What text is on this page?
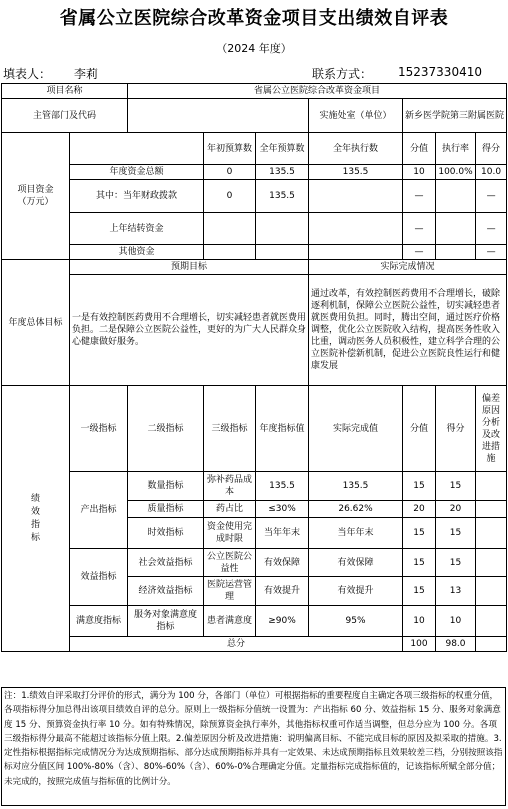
省属公立医院综合改革资金项目支出绩效自评表
（2024 年度）
填表人： 李莉	联系方式： 15237330410
项目名称		省属公立医院综合改革资金项目						
主管部门及代码					实施处室（单位）	新乡医学院第三附属医院		
项目资金
（万元）			年初预算数	全年预算数	全年执行数	分值	执行率	得分
	年度资金总额		0	135.5	135.5	10	100.0%	10.0
	其中：当年财政拨款		0	135.5		—		—
	上年结转资金					—		—
	其他资金					—		—
年度总体目标	预期目标				实际完成情况			
	一是有效控制医药费用不合理增长，切实减轻患者就医费用负担。二是保障公立医院公益性，更好的为广大人民群众身心健康做好服务。				通过改革，有效控制医药费用不合理增长，破除逐利机制，保障公立医院公益性，切实减轻患者就医费用负担。同时，腾出空间，通过医疗价格调整，优化公立医院收入结构，提高医务性收入比重，调动医务人员积极性，建立科学合理的公立医院补偿新机制，促进公立医院良性运行和健康发展			
绩效指标	一级指标	二级指标	三级指标	年度指标值	实际完成值	分值	得分	偏差原因分析及改进措施
	产出指标	数量指标	弥补药品成本	135.5	135.5	15	15	
		质量指标	药占比	≤30%	26.62%	20	20	
		时效指标	资金使用完成时限	当年年末	当年年末	15	15	
	效益指标	社会效益指标	公立医院公益性	有效保障	有效保障	15	15	
		经济效益指标	医院运营管理	有效提升	有效提升	15	13	
	满意度指标	服务对象满意度指标	患者满意度	≥90%	95%	10	10	
	总分					100	98.0	
注：1.绩效自评采取打分评价的形式，满分为 100 分，各部门（单位）可根据指标的重要程度自主确定各项三级指标的权重分值，各项指标得分加总得出该项目绩效自评的总分。原则上一级指标分值统一设置为：产出指标 60 分、效益指标 15 分、服务对象满意度 15 分、预算资金执行率 10 分。如有特殊情况，除预算资金执行率外，其他指标权重可作适当调整，但总分应为 100 分。各项三级指标得分最高不能超过该指标分值上限。2.偏差原因分析及改进措施：说明偏离目标、不能完成目标的原因及拟采取的措施。3.定性指标根据指标完成情况分为达成预期指标、部分达成预期指标并具有一定效果、未达成预期指标且效果较差三档，分别按照该指标对应分值区间 100%-80%（含）、80%-60%（含）、60%-0%合理确定分值。定量指标完成指标值的，记该指标所赋全部分值；未完成的，按照完成值与指标值的比例计分。
